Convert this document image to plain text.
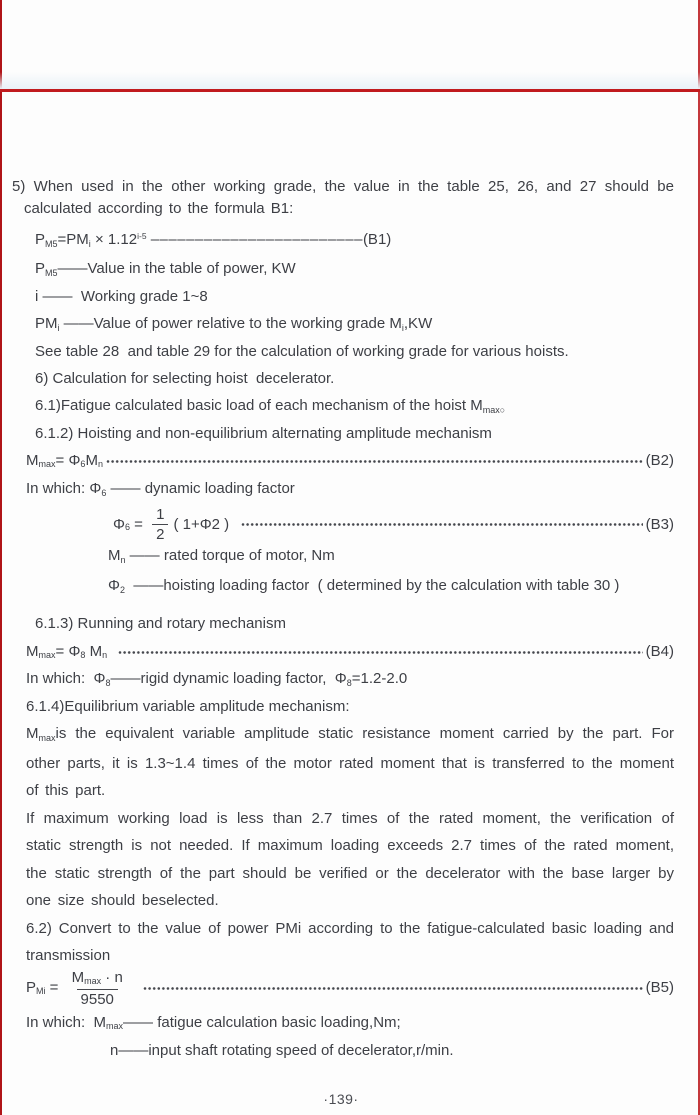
5) When used in the other working grade, the value in the table 25, 26, and 27 should be calculated according to the formula B1:
$PM5=PMi \times 1.12^{i-5}$ ––––––––––––––––––––––––(B1)
PM5——Value in the table of power, KW
i ——  Working grade 1~8
PMi ——Value of power relative to the working grade Mi,KW
See table 28  and table 29 for the calculation of working grade for various hoists.
6) Calculation for selecting hoist  decelerator.
6.1)Fatigue calculated basic load of each mechanism of the hoist Mmax○
6.1.2) Hoisting and non-equilibrium alternating amplitude mechanism
M max = Φ 6 M n	(B2)
In which: Φ6 —— dynamic loading factor
Φ $6 = \frac{1}{2}$ ( 1+Φ2 )	(B3)
Mn —— rated torque of motor, Nm
Φ2  ——hoisting loading factor  ( determined by the calculation with table 30 )
6.1.3) Running and rotary mechanism
M max = Φ 8 M n
	(B4)
In which:  Φ8——rigid dynamic loading factor,  Φ8=1.2-2.0
6.1.4)Equilibrium variable amplitude mechanism:
Mmaxis the equivalent variable amplitude static resistance moment carried by the part. For other parts, it is 1.3~1.4 times of the motor rated moment that is transferred to the moment of this part.
If maximum working load is less than 2.7 times of the rated moment, the verification of static strength is not needed. If maximum loading exceeds 2.7 times of the rated moment, the static strength of the part should be verified or the decelerator with the base larger by one size should beselected.
6.2) Convert to the value of power PMi according to the fatigue-calculated basic loading and transmission
P $Mi = \frac{Mmax \cdot n}{9550}$
	(B5)
In which:  Mmax—— fatigue calculation basic loading,Nm;
n——input shaft rotating speed of decelerator,r/min.
·139·
